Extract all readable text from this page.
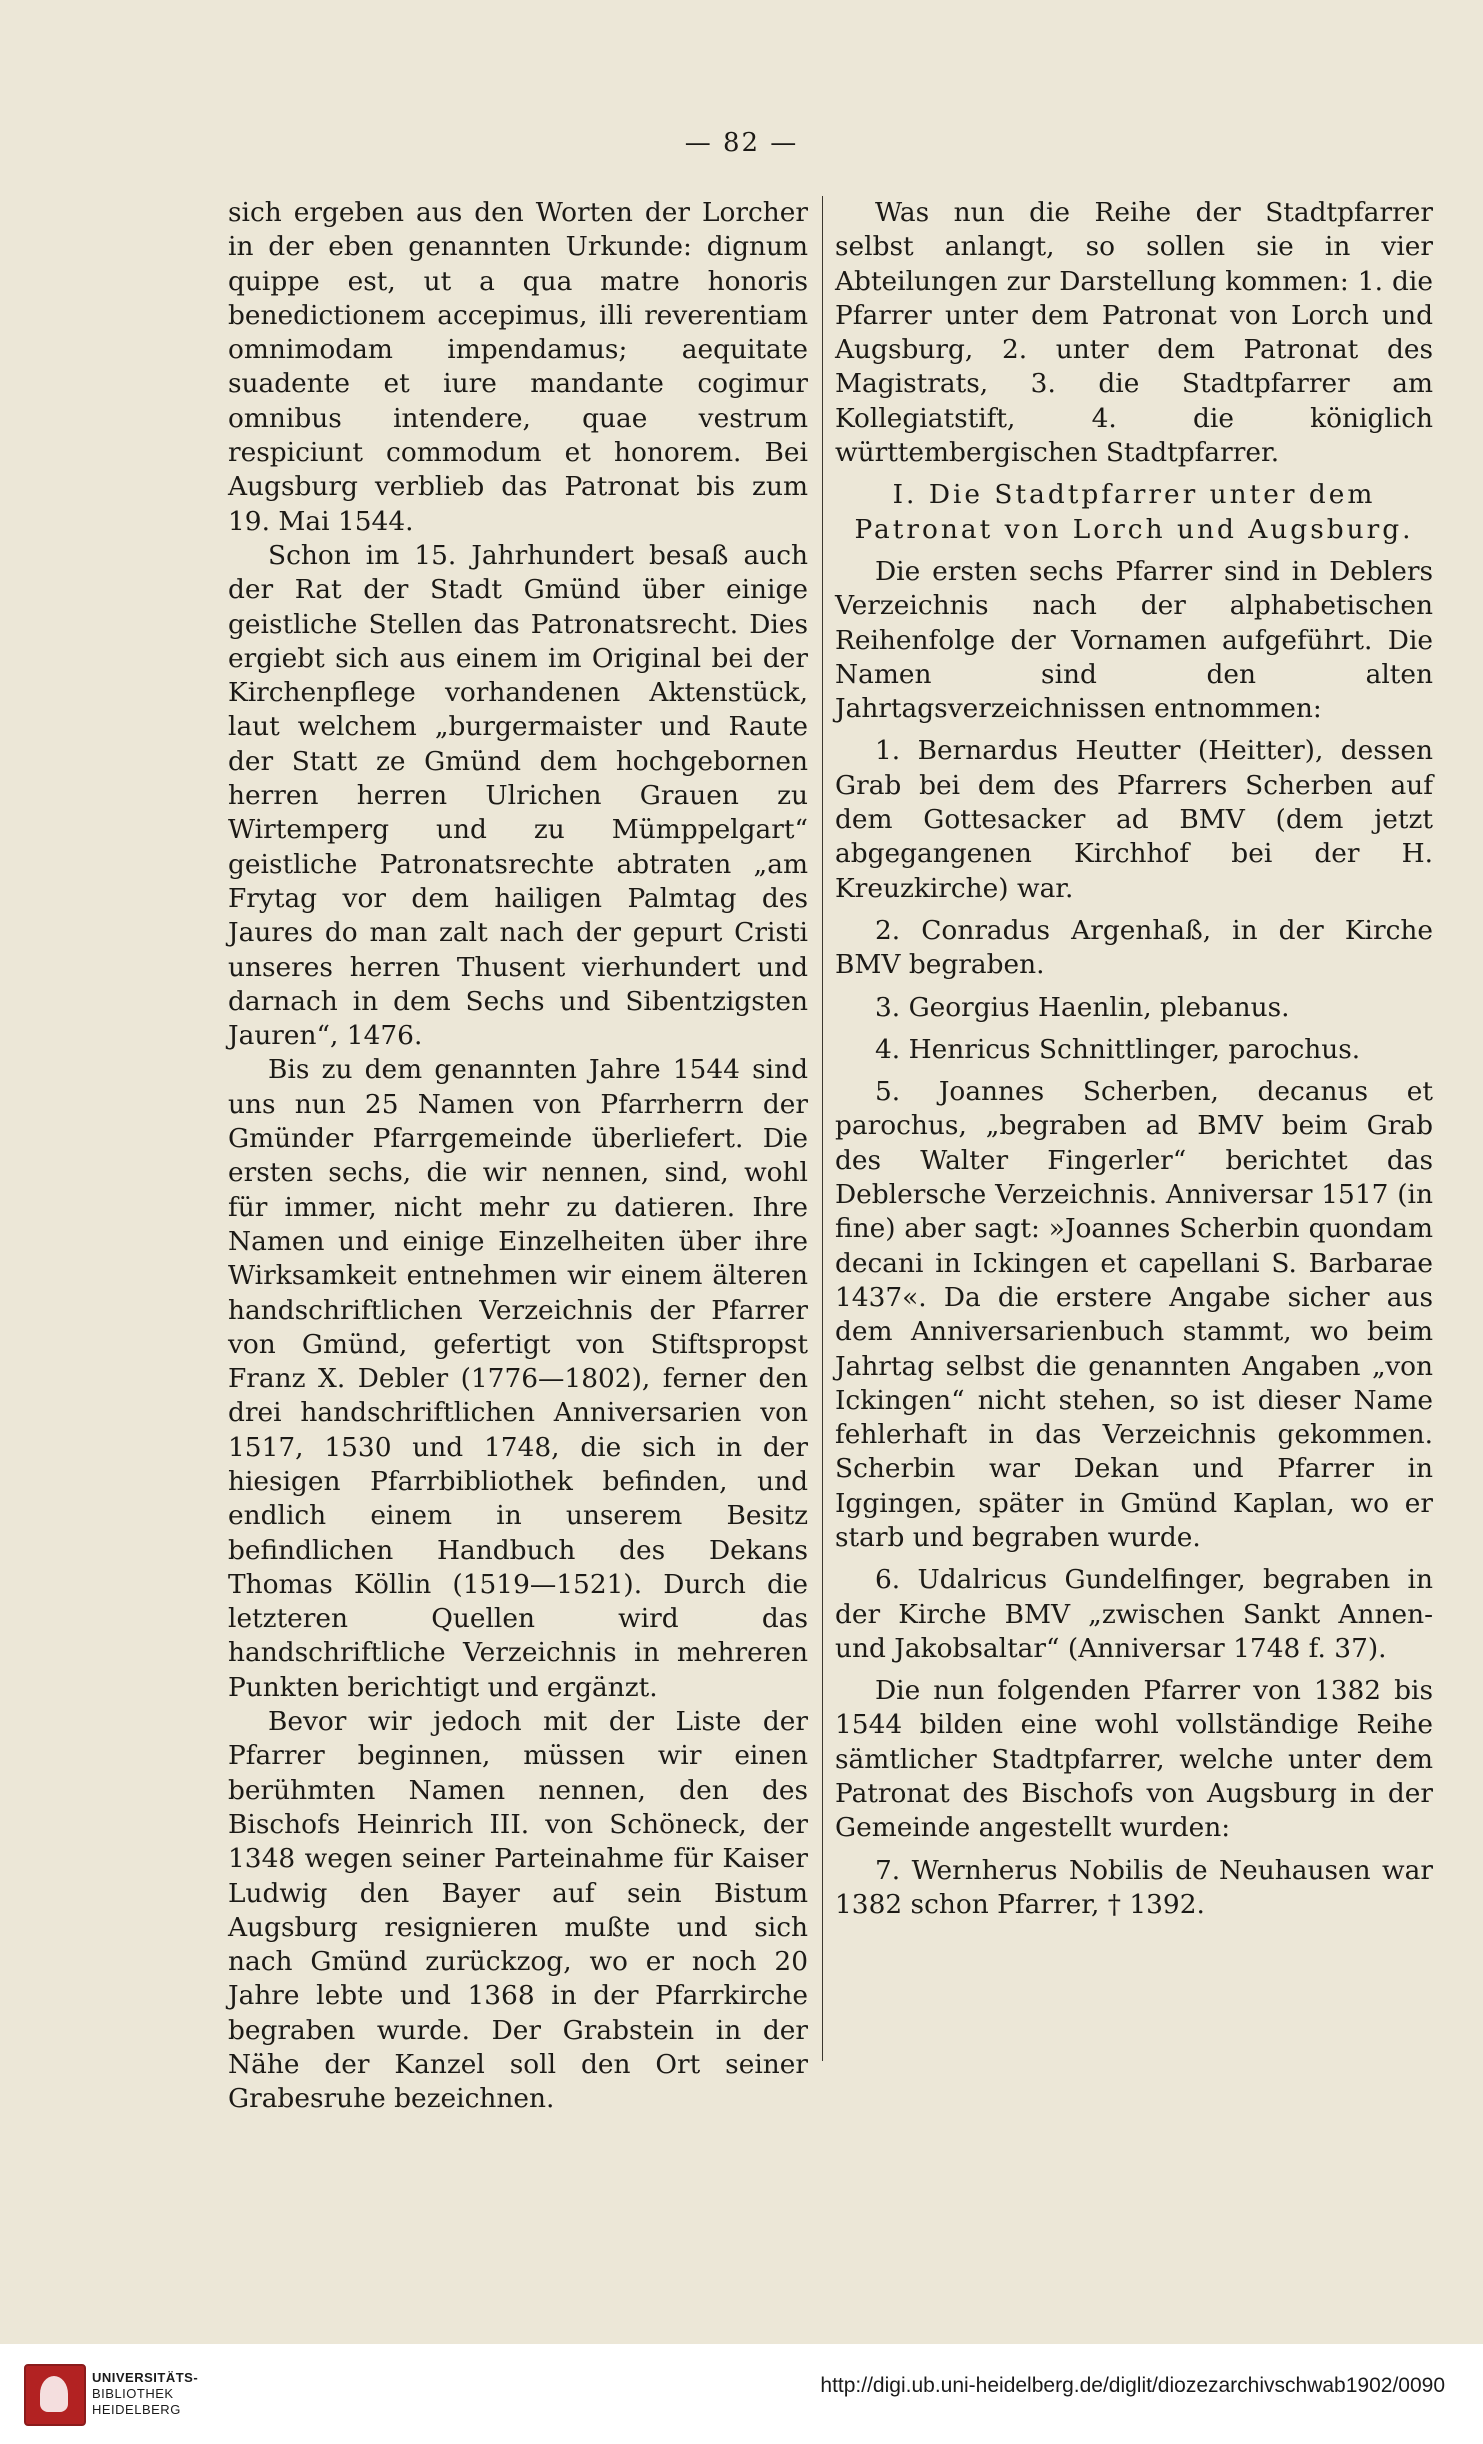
— 82 —

sich ergeben aus den Worten der Lorcher in der eben genannten Urkunde: dignum quippe est, ut a qua matre honoris benedictionem accepimus, illi reverentiam omnimodam impendamus; aequitate suadente et iure mandante cogimur omnibus intendere, quae vestrum respiciunt commodum et honorem. Bei Augsburg verblieb das Patronat bis zum 19. Mai 1544.

Schon im 15. Jahrhundert besaß auch der Rat der Stadt Gmünd über einige geistliche Stellen das Patronatsrecht. Dies ergiebt sich aus einem im Original bei der Kirchenpflege vorhandenen Aktenstück, laut welchem „burgermaister und Raute der Statt ze Gmünd dem hochgebornen herren herren Ulrichen Grauen zu Wirtemperg und zu Mümppelgart“ geistliche Patronatsrechte abtraten „am Frytag vor dem hailigen Palmtag des Jaures do man zalt nach der gepurt Cristi unseres herren Thusent vierhundert und darnach in dem Sechs und Sibentzigsten Jauren“, 1476.

Bis zu dem genannten Jahre 1544 sind uns nun 25 Namen von Pfarrherrn der Gmünder Pfarrgemeinde überliefert. Die ersten sechs, die wir nennen, sind, wohl für immer, nicht mehr zu datieren. Ihre Namen und einige Einzelheiten über ihre Wirksamkeit entnehmen wir einem älteren handschriftlichen Verzeichnis der Pfarrer von Gmünd, gefertigt von Stiftspropst Franz X. Debler (1776—1802), ferner den drei handschriftlichen Anniversarien von 1517, 1530 und 1748, die sich in der hiesigen Pfarrbibliothek befinden, und endlich einem in unserem Besitz befindlichen Handbuch des Dekans Thomas Köllin (1519—1521). Durch die letzteren Quellen wird das handschriftliche Verzeichnis in mehreren Punkten berichtigt und ergänzt.

Bevor wir jedoch mit der Liste der Pfarrer beginnen, müssen wir einen berühmten Namen nennen, den des Bischofs Heinrich III. von Schöneck, der 1348 wegen seiner Parteinahme für Kaiser Ludwig den Bayer auf sein Bistum Augsburg resignieren mußte und sich nach Gmünd zurückzog, wo er noch 20 Jahre lebte und 1368 in der Pfarrkirche begraben wurde. Der Grabstein in der Nähe der Kanzel soll den Ort seiner Grabesruhe bezeichnen.

Was nun die Reihe der Stadtpfarrer selbst anlangt, so sollen sie in vier Abteilungen zur Darstellung kommen: 1. die Pfarrer unter dem Patronat von Lorch und Augsburg, 2. unter dem Patronat des Magistrats, 3. die Stadtpfarrer am Kollegiatstift, 4. die königlich württembergischen Stadtpfarrer.

I. Die Stadtpfarrer unter dem Patronat von Lorch und Augsburg.

Die ersten sechs Pfarrer sind in Deblers Verzeichnis nach der alphabetischen Reihenfolge der Vornamen aufgeführt. Die Namen sind den alten Jahrtagsverzeichnissen entnommen:

1. Bernardus Heutter (Heitter), dessen Grab bei dem des Pfarrers Scherben auf dem Gottesacker ad BMV (dem jetzt abgegangenen Kirchhof bei der H. Kreuzkirche) war.

2. Conradus Argenhaß, in der Kirche BMV begraben.

3. Georgius Haenlin, plebanus.

4. Henricus Schnittlinger, parochus.

5. Joannes Scherben, decanus et parochus, „begraben ad BMV beim Grab des Walter Fingerler“ berichtet das Deblersche Verzeichnis. Anniversar 1517 (in fine) aber sagt: »Joannes Scherbin quondam decani in Ickingen et capellani S. Barbarae 1437«. Da die erstere Angabe sicher aus dem Anniversarienbuch stammt, wo beim Jahrtag selbst die genannten Angaben „von Ickingen“ nicht stehen, so ist dieser Name fehlerhaft in das Verzeichnis gekommen. Scherbin war Dekan und Pfarrer in Iggingen, später in Gmünd Kaplan, wo er starb und begraben wurde.

6. Udalricus Gundelfinger, begraben in der Kirche BMV „zwischen Sankt Annen- und Jakobsaltar“ (Anniversar 1748 f. 37).

Die nun folgenden Pfarrer von 1382 bis 1544 bilden eine wohl vollständige Reihe sämtlicher Stadtpfarrer, welche unter dem Patronat des Bischofs von Augsburg in der Gemeinde angestellt wurden:

7. Wernherus Nobilis de Neuhausen war 1382 schon Pfarrer, † 1392.

UNIVERSITÄTS-
BIBLIOTHEK
HEIDELBERG
http://digi.ub.uni-heidelberg.de/diglit/diozezarchivschwab1902/0090
